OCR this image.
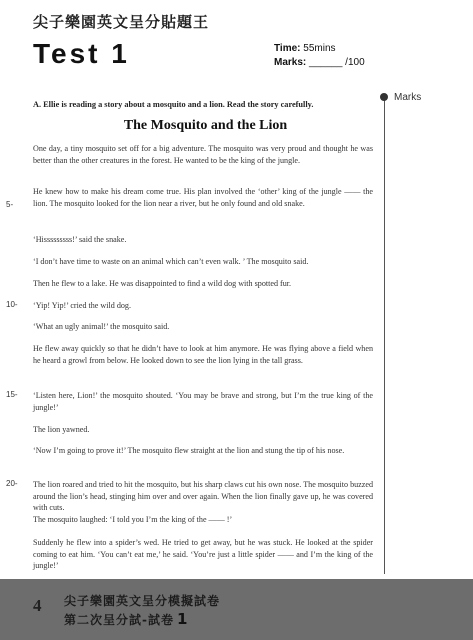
尖子樂園英文呈分貼題王
Test 1	Time: 55mins
Marks: ______ /100
Marks
A. Ellie is reading a story about a mosquito and a lion. Read the story carefully.
The Mosquito and the Lion

One day, a tiny mosquito set off for a big adventure. The mosquito was very proud and thought he was better than the other creatures in the forest. He wanted to be the king of the jungle.

He knew how to make his dream come true. His plan involved the ‘other’ king of the jungle —— the lion. The mosquito looked for the lion near a river, but he only found and old snake.

‘Hisssssssss!’ said the snake.

‘I don’t have time to waste on an animal which can’t even walk. ’ The mosquito said.

Then he flew to a lake. He was disappointed to find a wild dog with spotted fur.

‘Yip! Yip!’ cried the wild dog.

‘What an ugly animal!’ the mosquito said.

He flew away quickly so that he didn’t have to look at him anymore. He was flying above a field when he heard a growl from below. He looked down to see the lion lying in the tall grass.

‘Listen here, Lion!’ the mosquito shouted. ‘You may be brave and strong, but I’m the true king of the jungle!’

The lion yawned.

‘Now I’m going to prove it!’ The mosquito flew straight at the lion and stung the tip of his nose.

The lion roared and tried to hit the mosquito, but his sharp claws cut his own nose. The mosquito buzzed around the lion’s head, stinging him over and over again. When the lion finally gave up, he was covered with cuts.

The mosquito laughed: ‘I told you I’m the king of the —— !’

Suddenly he flew into a spider’s wed. He tried to get away, but he was stuck. He looked at the spider coming to eat him. ‘You can’t eat me,’ he said. ‘You’re just a little spider —— and I’m the king of the jungle!’

5-
10-
15-
20-
4 尖子樂園英文呈分模擬試卷
第二次呈分試-試卷 1
